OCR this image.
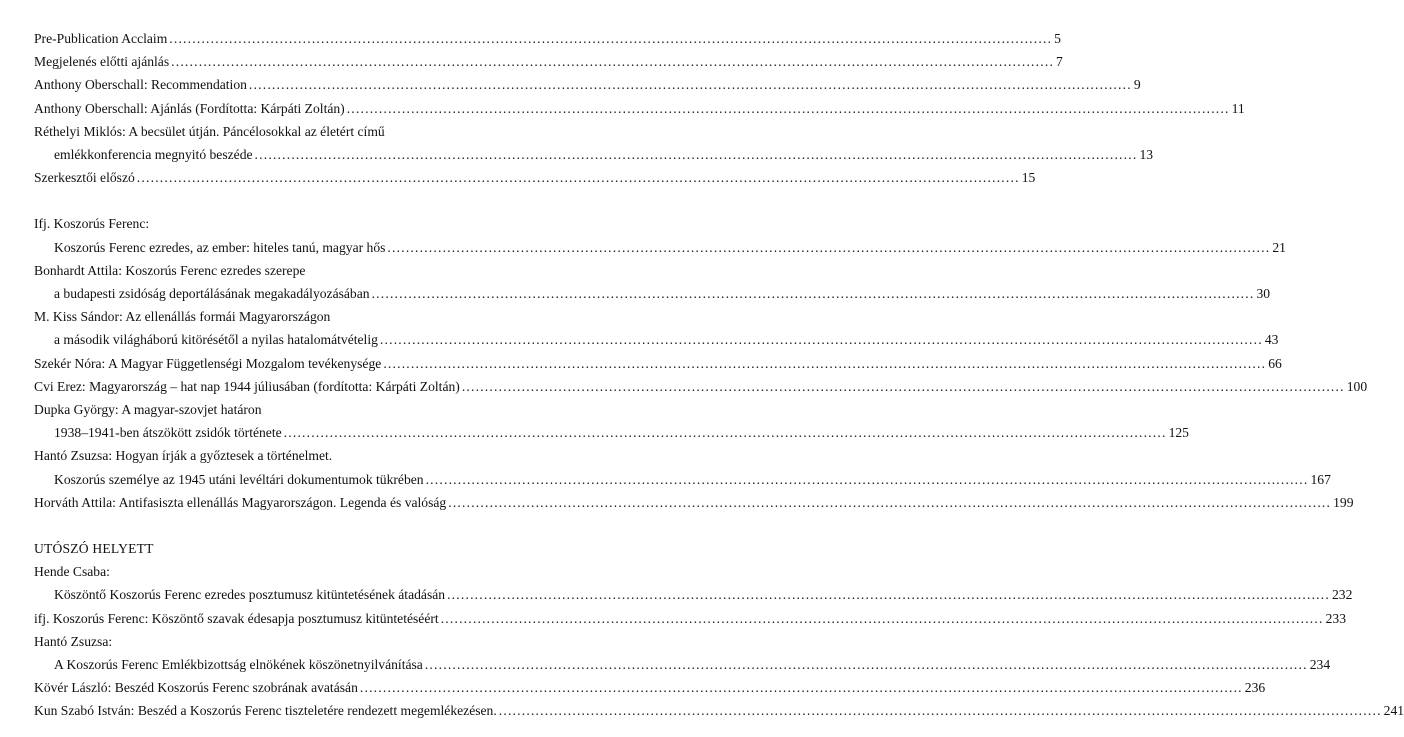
Pre-Publication Acclaim .....	5
Megjelenés előtti ajánlás .....	7
Anthony Oberschall: Recommendation .....	9
Anthony Oberschall: Ajánlás (Fordította: Kárpáti Zoltán) .....	11
Réthelyi Miklós: A becsület útján. Páncélosokkal az életért című
emlékkonferencia megnyitó beszéde .....	13
Szerkesztői előszó .....	15
Ifj. Koszorús Ferenc:
Koszorús Ferenc ezredes, az ember: hiteles tanú, magyar hős .....	21
Bonhardt Attila: Koszorús Ferenc ezredes szerepe
a budapesti zsidóság deportálásának megakadályozásában .....	30
M. Kiss Sándor: Az ellenállás formái Magyarországon
a második világháború kitörésétől a nyilas hatalomátvételig .....	43
Szekér Nóra: A Magyar Függetlenségi Mozgalom tevékenysége .....	66
Cvi Erez: Magyarország – hat nap 1944 júliusában (fordította: Kárpáti Zoltán) .....	100
Dupka György: A magyar-szovjet határon
1938–1941-ben átszökött zsidók története .....	125
Hantó Zsuzsa: Hogyan írják a győztesek a történelmet.
Koszorús személye az 1945 utáni levéltári dokumentumok tükrében .....	167
Horváth Attila: Antifasiszta ellenállás Magyarországon. Legenda és valóság .....	199
UTÓSZÓ HELYETT
Hende Csaba:
Köszöntő Koszorús Ferenc ezredes posztumusz kitüntetésének átadásán .....	232
ifj. Koszorús Ferenc: Köszöntő szavak édesapja posztumusz kitüntetéséért .....	233
Hantó Zsuzsa:
A Koszorús Ferenc Emlékbizottság elnökének köszönetnyilvánítása .....	234
Kövér László: Beszéd Koszorús Ferenc szobrának avatásán .....	236
Kun Szabó István: Beszéd a Koszorús Ferenc tiszteletére rendezett megemlékezésen. .....	241
